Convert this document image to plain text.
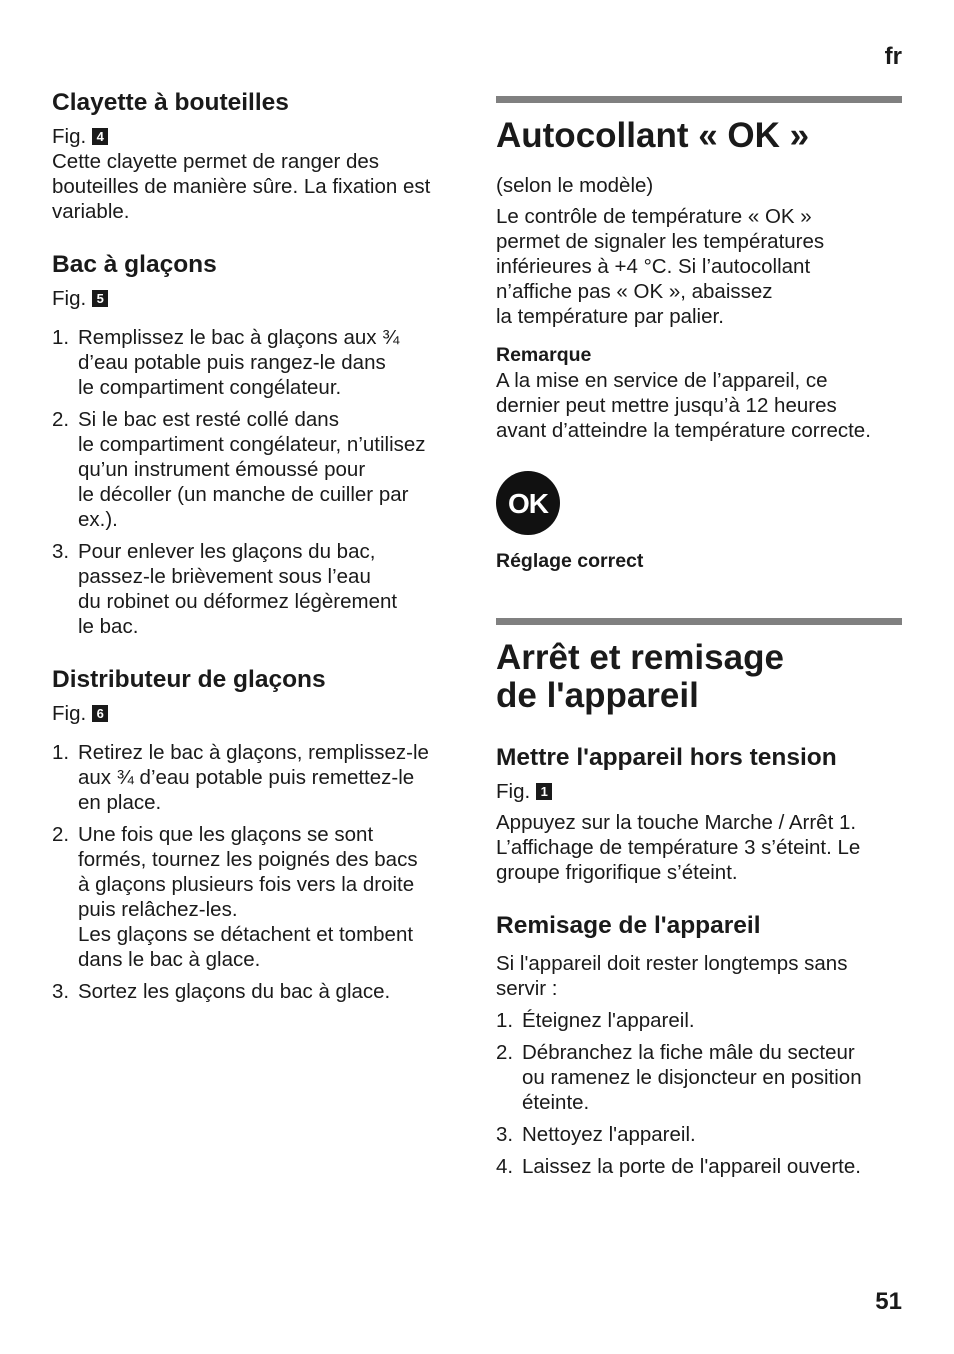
fr
Clayette à bouteilles
Fig. 4

Cette clayette permet de ranger des bouteilles de manière sûre. La fixation est variable.

Bac à glaçons
Fig. 5
1. Remplissez le bac à glaçons aux ¾
d’eau potable puis rangez-le dans
le compartiment congélateur.
2. Si le bac est resté collé dans
le compartiment congélateur, n’utilisez
qu’un instrument émoussé pour
le décoller (un manche de cuiller par
ex.).
3. Pour enlever les glaçons du bac,
passez-le brièvement sous l’eau
du robinet ou déformez légèrement
le bac.
Distributeur de glaçons
Fig. 6
1. Retirez le bac à glaçons, remplissez-le
aux ¾ d’eau potable puis remettez-le
en place.
2. Une fois que les glaçons se sont
formés, tournez les poignés des bacs
à glaçons plusieurs fois vers la droite
puis relâchez-les.
Les glaçons se détachent et tombent
dans le bac à glace.
3. Sortez les glaçons du bac à glace.
Autocollant « OK »

(selon le modèle)

Le contrôle de température « OK »
permet de signaler les températures
inférieures à +4 °C. Si l’autocollant
n’affiche pas « OK », abaissez
la température par palier.

Remarque

A la mise en service de l’appareil, ce
dernier peut mettre jusqu’à 12 heures
avant d’atteindre la température correcte.
OK

Réglage correct

Arrêt et remisage
de l'appareil
Mettre l'appareil hors tension
Fig. 1
Appuyez sur la touche Marche / Arrêt 1.
L’affichage de température 3 s’éteint. Le
groupe frigorifique s’éteint.
Remisage de l'appareil
Si l'appareil doit rester longtemps sans
servir :
1. Éteignez l'appareil.
2. Débranchez la fiche mâle du secteur
ou ramenez le disjoncteur en position
éteinte.
3. Nettoyez l'appareil.
4. Laissez la porte de l'appareil ouverte.
51
